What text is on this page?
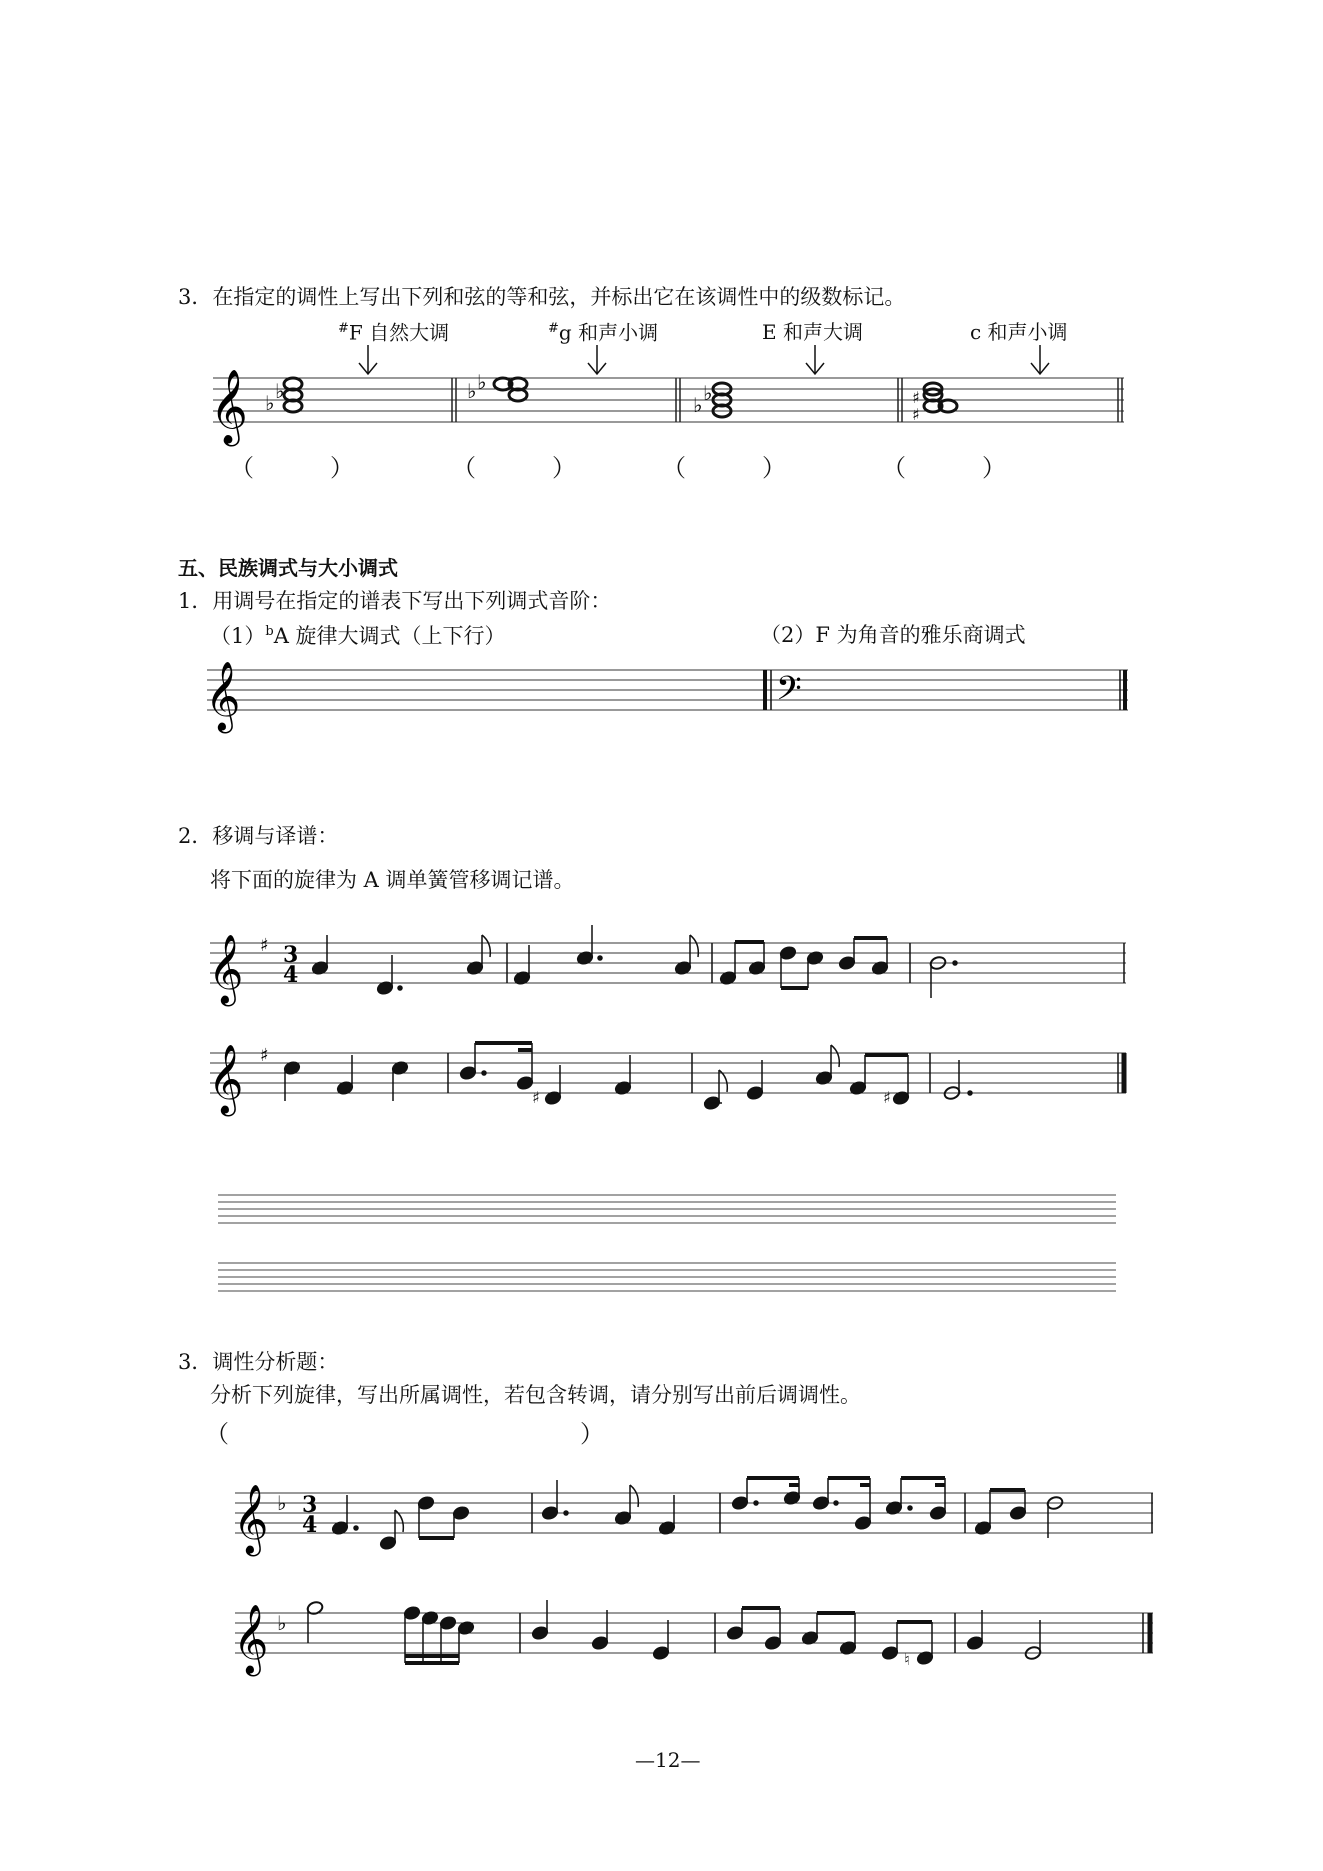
3．在指定的调性上写出下列和弦的等和弦，并标出它在该调性中的级数标记。
#F 自然大调	#g 和声小调	E 和声大调	c 和声小调
（	）	（	）	（	）	（	）
五、民族调式与大小调式
1．用调号在指定的谱表下写出下列调式音阶：
$(1)^bA$ 旋律大调式（上下行）	（2）F 为角音的雅乐商调式
2．移调与译谱：
将下面的旋律为 A 调单簧管移调记谱。
3．调性分析题：
分析下列旋律，写出所属调性，若包含转调，请分别写出前后调调性。
（	）
—12—
𝄞 ♭ ♭	♭ ♭
♭ ♭	♯
♯
𝄞	𝄢
𝄞 ♯ 3
4
𝄞 ♯
♯	♯
𝄞 ♭ 3
4
𝄞 ♭
♮
